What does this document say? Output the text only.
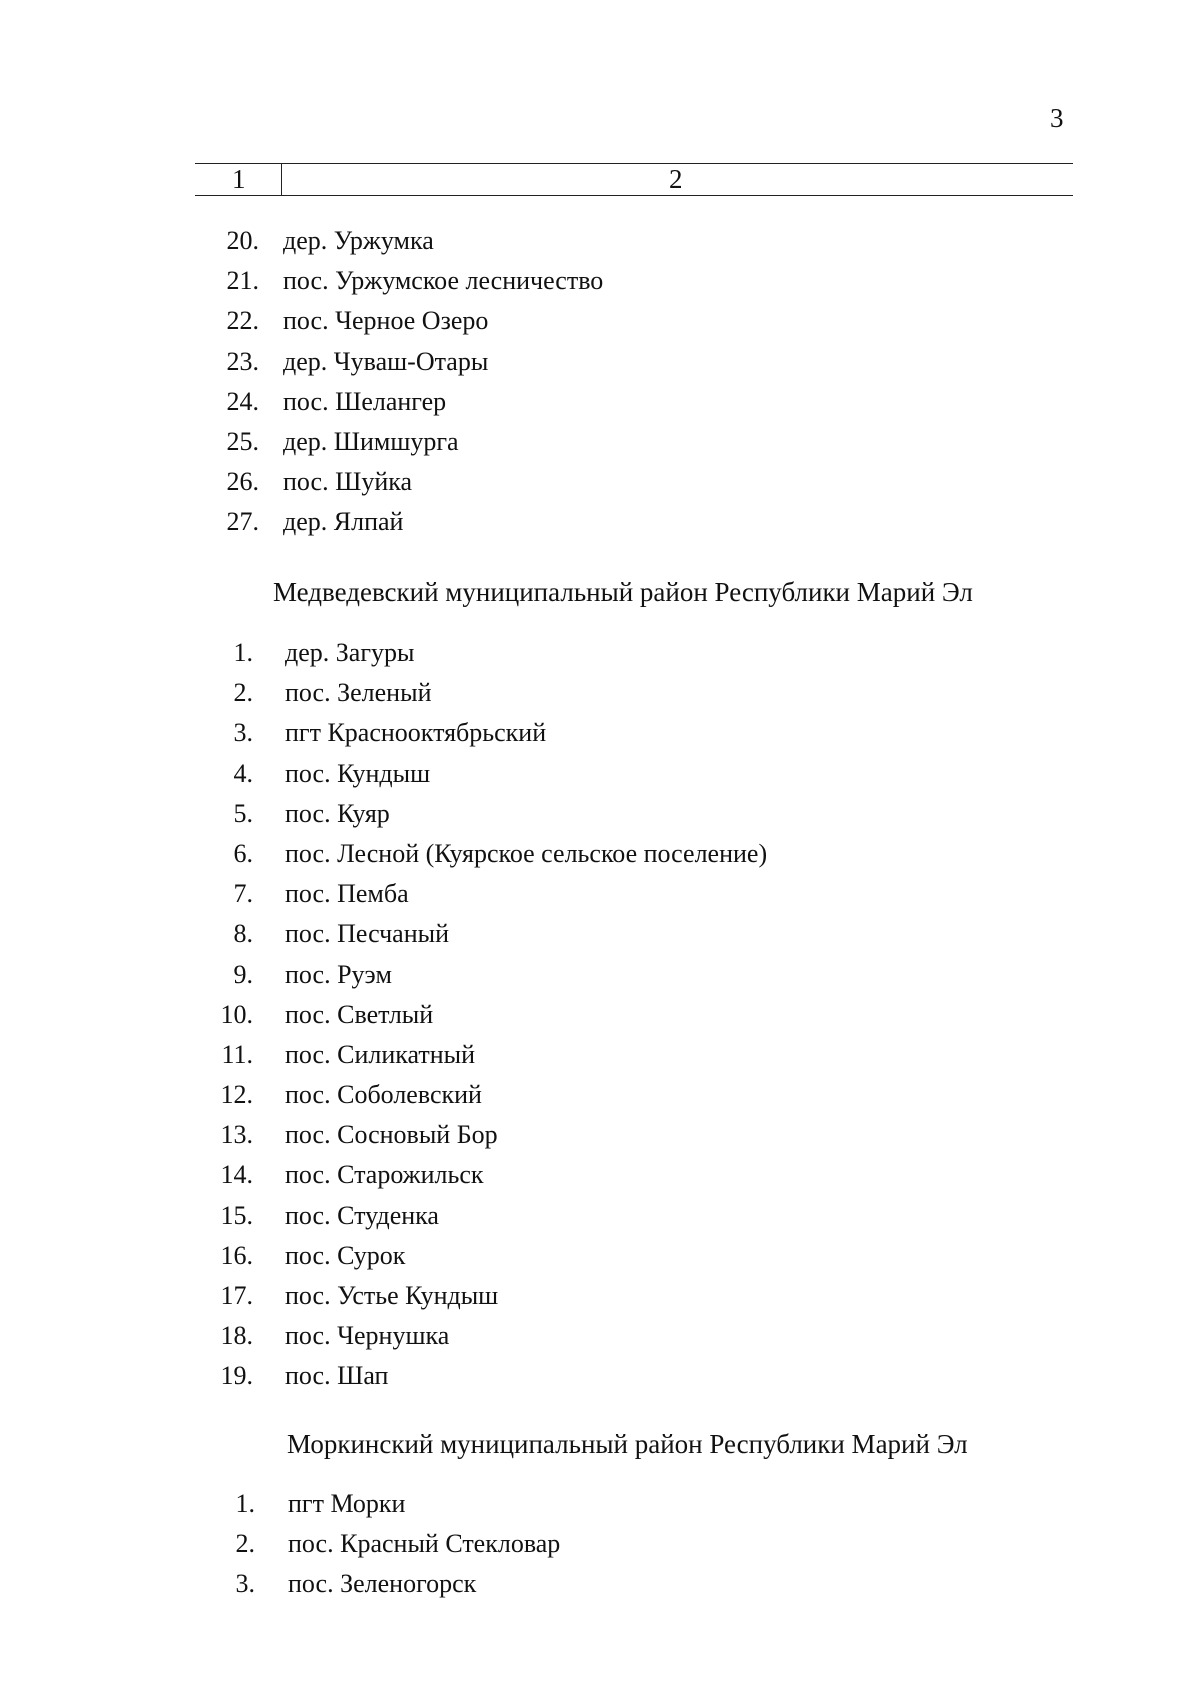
3
1	2
20. дер. Уржумка
21. пос. Уржумское лесничество
22. пос. Черное Озеро
23. дер. Чуваш-Отары
24. пос. Шелангер
25. дер. Шимшурга
26. пос. Шуйка
27. дер. Ялпай
Медведевский муниципальный район Республики Марий Эл
1. дер. Загуры
2. пос. Зеленый
3. пгт Краснооктябрьский
4. пос. Кундыш
5. пос. Куяр
6. пос. Лесной (Куярское сельское поселение)
7. пос. Пемба
8. пос. Песчаный
9. пос. Руэм
10. пос. Светлый
11. пос. Силикатный
12. пос. Соболевский
13. пос. Сосновый Бор
14. пос. Старожильск
15. пос. Студенка
16. пос. Сурок
17. пос. Устье Кундыш
18. пос. Чернушка
19. пос. Шап
Моркинский муниципальный район Республики Марий Эл
1. пгт Морки
2. пос. Красный Стекловар
3. пос. Зеленогорск
